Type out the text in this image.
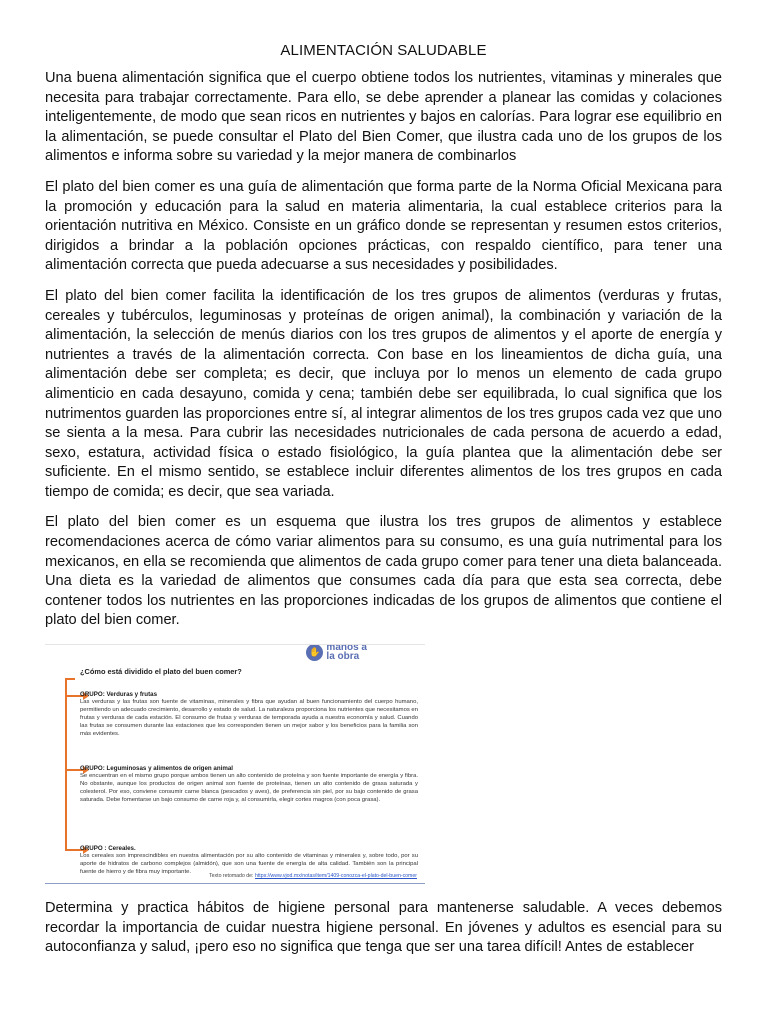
ALIMENTACIÓN SALUDABLE

Una buena alimentación significa que el cuerpo obtiene todos los nutrientes, vitaminas y minerales que necesita para trabajar correctamente. Para ello, se debe aprender a planear las comidas y colaciones inteligentemente, de modo que sean ricos en nutrientes y bajos en calorías. Para lograr ese equilibrio en la alimentación, se puede consultar el Plato del Bien Comer, que ilustra cada uno de los grupos de los alimentos e informa sobre su variedad y la mejor manera de combinarlos

El plato del bien comer es una guía de alimentación que forma parte de la Norma Oficial Mexicana para la promoción y educación para la salud en materia alimentaria, la cual establece criterios para la orientación nutritiva en México. Consiste en un gráfico donde se representan y resumen estos criterios, dirigidos a brindar a la población opciones prácticas, con respaldo científico, para tener una alimentación correcta que pueda adecuarse a sus necesidades y posibilidades.

El plato del bien comer facilita la identificación de los tres grupos de alimentos (verduras y frutas, cereales y tubérculos, leguminosas y proteínas de origen animal), la combinación y variación de la alimentación, la selección de menús diarios con los tres grupos de alimentos y el aporte de energía y nutrientes a través de la alimentación correcta. Con base en los lineamientos de dicha guía, una alimentación debe ser completa; es decir, que incluya por lo menos un elemento de cada grupo alimenticio en cada desayuno, comida y cena; también debe ser equilibrada, lo cual significa que los nutrimentos guarden las proporciones entre sí, al integrar alimentos de los tres grupos cada vez que uno se sienta a la mesa. Para cubrir las necesidades nutricionales de cada persona de acuerdo a edad, sexo, estatura, actividad física o estado fisiológico, la guía plantea que la alimentación debe ser suficiente. En el mismo sentido, se establece incluir diferentes alimentos de los tres grupos en cada tiempo de comida; es decir, que sea variada.

El plato del bien comer es un esquema que ilustra los tres grupos de alimentos y establece recomendaciones acerca de cómo variar alimentos para su consumo, es una guía nutrimental para los mexicanos, en ella se recomienda que alimentos de cada grupo comer para tener una dieta balanceada. Una dieta es la variedad de alimentos que consumes cada día para que esta sea correcta, debe contener todos los nutrientes en las proporciones indicadas de los grupos de alimentos que contiene el plato del bien comer.

✋ manos a
la obra
¿Cómo está dividido el plato del buen comer?
GRUPO: Verduras y frutas
Las verduras y las frutas son fuente de vitaminas, minerales y fibra que ayudan al buen funcionamiento del cuerpo humano, permitiendo un adecuado crecimiento, desarrollo y estado de salud. La naturaleza proporciona los nutrientes que necesitamos en frutas y verduras de cada estación. El consumo de frutas y verduras de temporada ayuda a nuestra economía y salud. Cuando las frutas se consumen durante las estaciones que les corresponden tienen un mejor sabor y los beneficios para la familia son más evidentes.
GRUPO: Leguminosas y alimentos de origen animal
Se encuentran en el mismo grupo porque ambos tienen un alto contenido de proteína y son fuente importante de energía y fibra. No obstante, aunque los productos de origen animal son fuente de proteínas, tienen un alto contenido de grasa saturada y colesterol. Por eso, conviene consumir carne blanca (pescados y aves), de preferencia sin piel, por su bajo contenido de grasa saturada. Debe fomentarse un bajo consumo de carne roja y, al consumirla, elegir cortes magros (con poca grasa).
GRUPO : Cereales.
Los cereales son imprescindibles en nuestra alimentación por su alto contenido de vitaminas y minerales y, sobre todo, por su aporte de hidratos de carbono complejos (almidón), que son una fuente de energía de alta calidad. También son la principal fuente de hierro y de fibra muy importante.
Texto retomado de: https://www.vjod.mx/notas/item/1409-conozca-el-plato-del-buen-comer

Determina y practica hábitos de higiene personal para mantenerse saludable. A veces debemos recordar la importancia de cuidar nuestra higiene personal. En jóvenes y adultos es esencial para su autoconfianza y salud, ¡pero eso no significa que tenga que ser una tarea difícil! Antes de establecer
